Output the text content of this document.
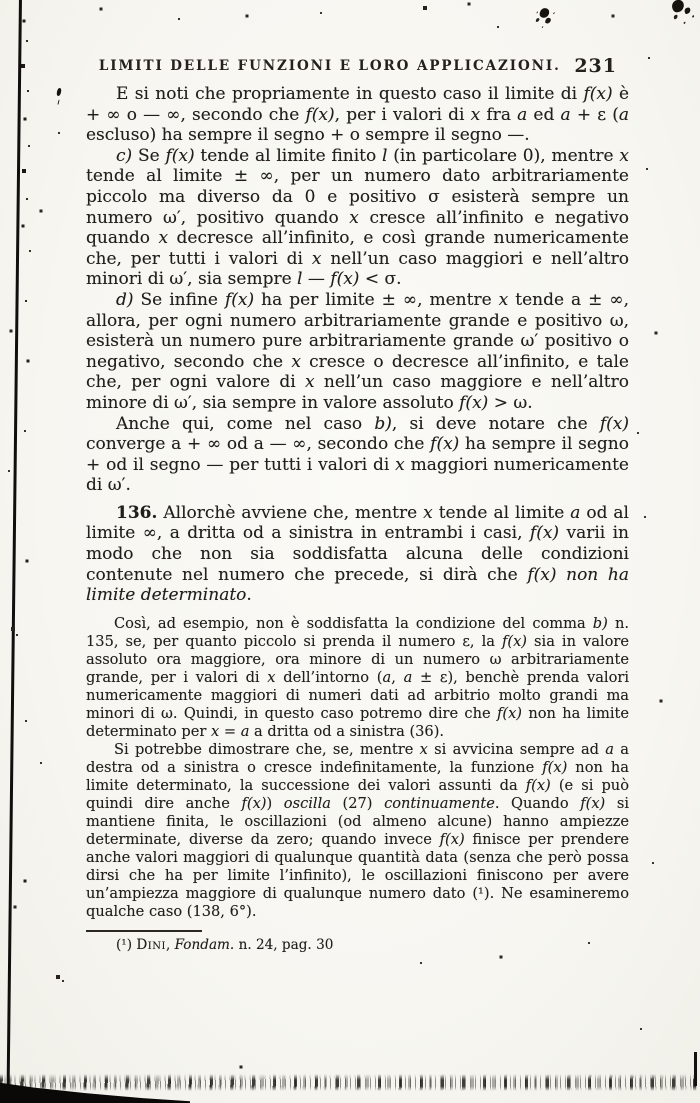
LIMITI DELLE FUNZIONI E LORO APPLICAZIONI. 231

E si noti che propriamente in questo caso il limite di f(x) è + ∞ o — ∞, secondo che f(x), per i valori di x fra a ed a + ε (a escluso) ha sempre il segno + o sempre il segno —.

c) Se f(x) tende al limite finito l (in particolare 0), mentre x tende al limite ± ∞, per un numero dato arbitrariamente piccolo ma diverso da 0 e positivo σ esisterà sempre un numero ω′, positivo quando x cresce all’infinito e negativo quando x decresce all’infinito, e così grande numericamente che, per tutti i valori di x nell’un caso maggiori e nell’altro minori di ω′, sia sempre l — f(x) < σ.

d) Se infine f(x) ha per limite ± ∞, mentre x tende a ± ∞, allora, per ogni numero arbitrariamente grande e positivo ω, esisterà un numero pure arbitrariamente grande ω′ positivo o negativo, secondo che x cresce o decresce all’infinito, e tale che, per ogni valore di x nell’un caso maggiore e nell’altro minore di ω′, sia sempre in valore assoluto f(x) > ω.

Anche qui, come nel caso b), si deve notare che f(x) converge a + ∞ od a — ∞, secondo che f(x) ha sempre il segno + od il segno — per tutti i valori di x maggiori numericamente di ω′.

136. Allorchè avviene che, mentre x tende al limite a od al limite ∞, a dritta od a sinistra in entrambi i casi, f(x) varii in modo che non sia soddisfatta alcuna delle condizioni contenute nel numero che precede, si dirà che f(x) non ha limite determinato.

Così, ad esempio, non è soddisfatta la condizione del comma b) n. 135, se, per quanto piccolo si prenda il numero ε, la f(x) sia in valore assoluto ora maggiore, ora minore di un numero ω arbitrariamente grande, per i valori di x dell’intorno (a, a ± ε), benchè prenda valori numericamente maggiori di numeri dati ad arbitrio molto grandi ma minori di ω. Quindi, in questo caso potremo dire che f(x) non ha limite determinato per x = a a dritta od a sinistra (36).

Si potrebbe dimostrare che, se, mentre x si avvicina sempre ad a a destra od a sinistra o cresce indefinitamente, la funzione f(x) non ha limite determinato, la successione dei valori assunti da f(x) (e si può quindi dire anche f(x)) oscilla (27) continuamente. Quando f(x) si mantiene finita, le oscillazioni (od almeno alcune) hanno ampiezze determinate, diverse da zero; quando invece f(x) finisce per prendere anche valori maggiori di qualunque quantità data (senza che però possa dirsi che ha per limite l’infinito), le oscillazioni finiscono per avere un’ampiezza maggiore di qualunque numero dato (¹). Ne esamineremo qualche caso (138, 6°).

(¹) Dini, Fondam. n. 24, pag. 30
